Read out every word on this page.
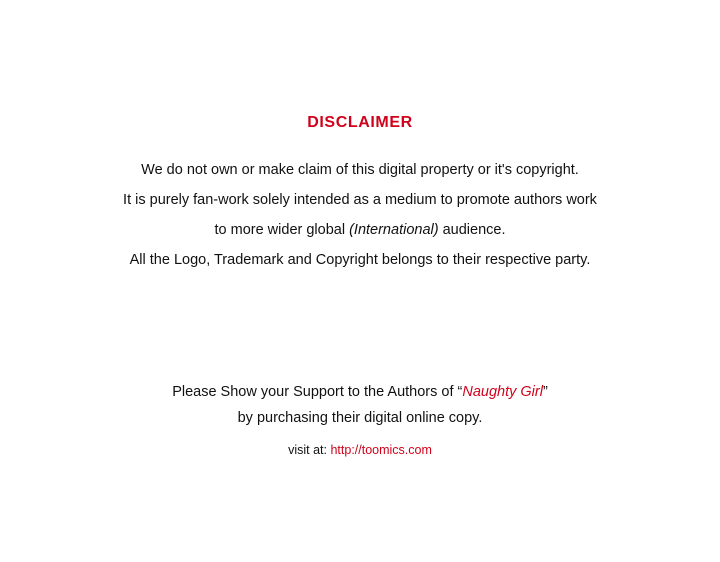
DISCLAIMER
We do not own or make claim of this digital property or it's copyright.
It is purely fan-work solely intended as a medium to promote authors work
to more wider global (International) audience.
All the Logo, Trademark and Copyright belongs to their respective party.
Please Show your Support to the Authors of “Naughty Girl”
by purchasing their digital online copy.
visit at: http://toomics.com
